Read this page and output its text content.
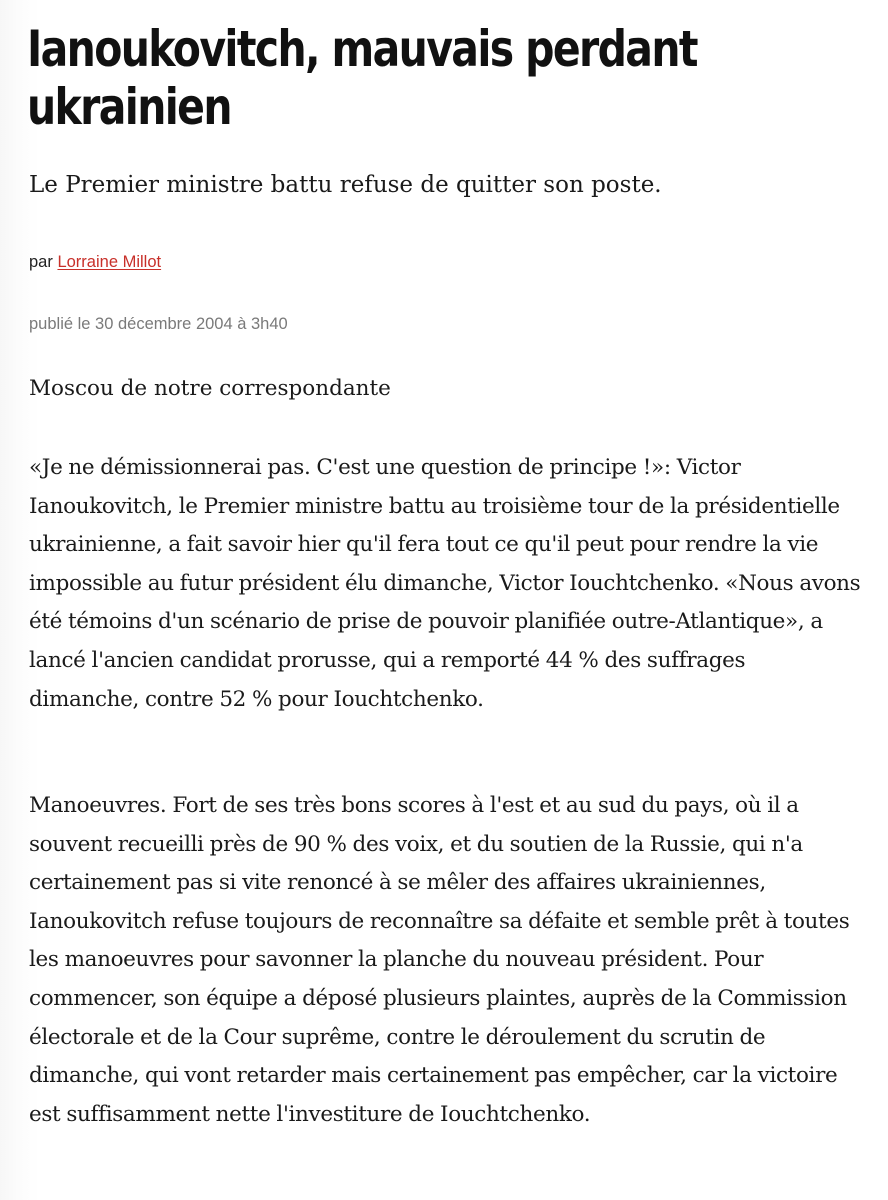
Ianoukovitch, mauvais perdant ukrainien

Le Premier ministre battu refuse de quitter son poste.

par Lorraine Millot
publié le 30 décembre 2004 à 3h40

Moscou de notre correspondante

«Je ne démissionnerai pas. C'est une question de principe !»: Victor Ianoukovitch, le Premier ministre battu au troisième tour de la présidentielle ukrainienne, a fait savoir hier qu'il fera tout ce qu'il peut pour rendre la vie impossible au futur président élu dimanche, Victor Iouchtchenko. «Nous avons été témoins d'un scénario de prise de pouvoir planifiée outre-Atlantique», a lancé l'ancien candidat prorusse, qui a remporté 44 % des suffrages dimanche, contre 52 % pour Iouchtchenko.

Manoeuvres. Fort de ses très bons scores à l'est et au sud du pays, où il a souvent recueilli près de 90 % des voix, et du soutien de la Russie, qui n'a certainement pas si vite renoncé à se mêler des affaires ukrainiennes, Ianoukovitch refuse toujours de reconnaître sa défaite et semble prêt à toutes les manoeuvres pour savonner la planche du nouveau président. Pour commencer, son équipe a déposé plusieurs plaintes, auprès de la Commission électorale et de la Cour suprême, contre le déroulement du scrutin de dimanche, qui vont retarder mais certainement pas empêcher, car la victoire est suffisamment nette l'investiture de Iouchtchenko.
